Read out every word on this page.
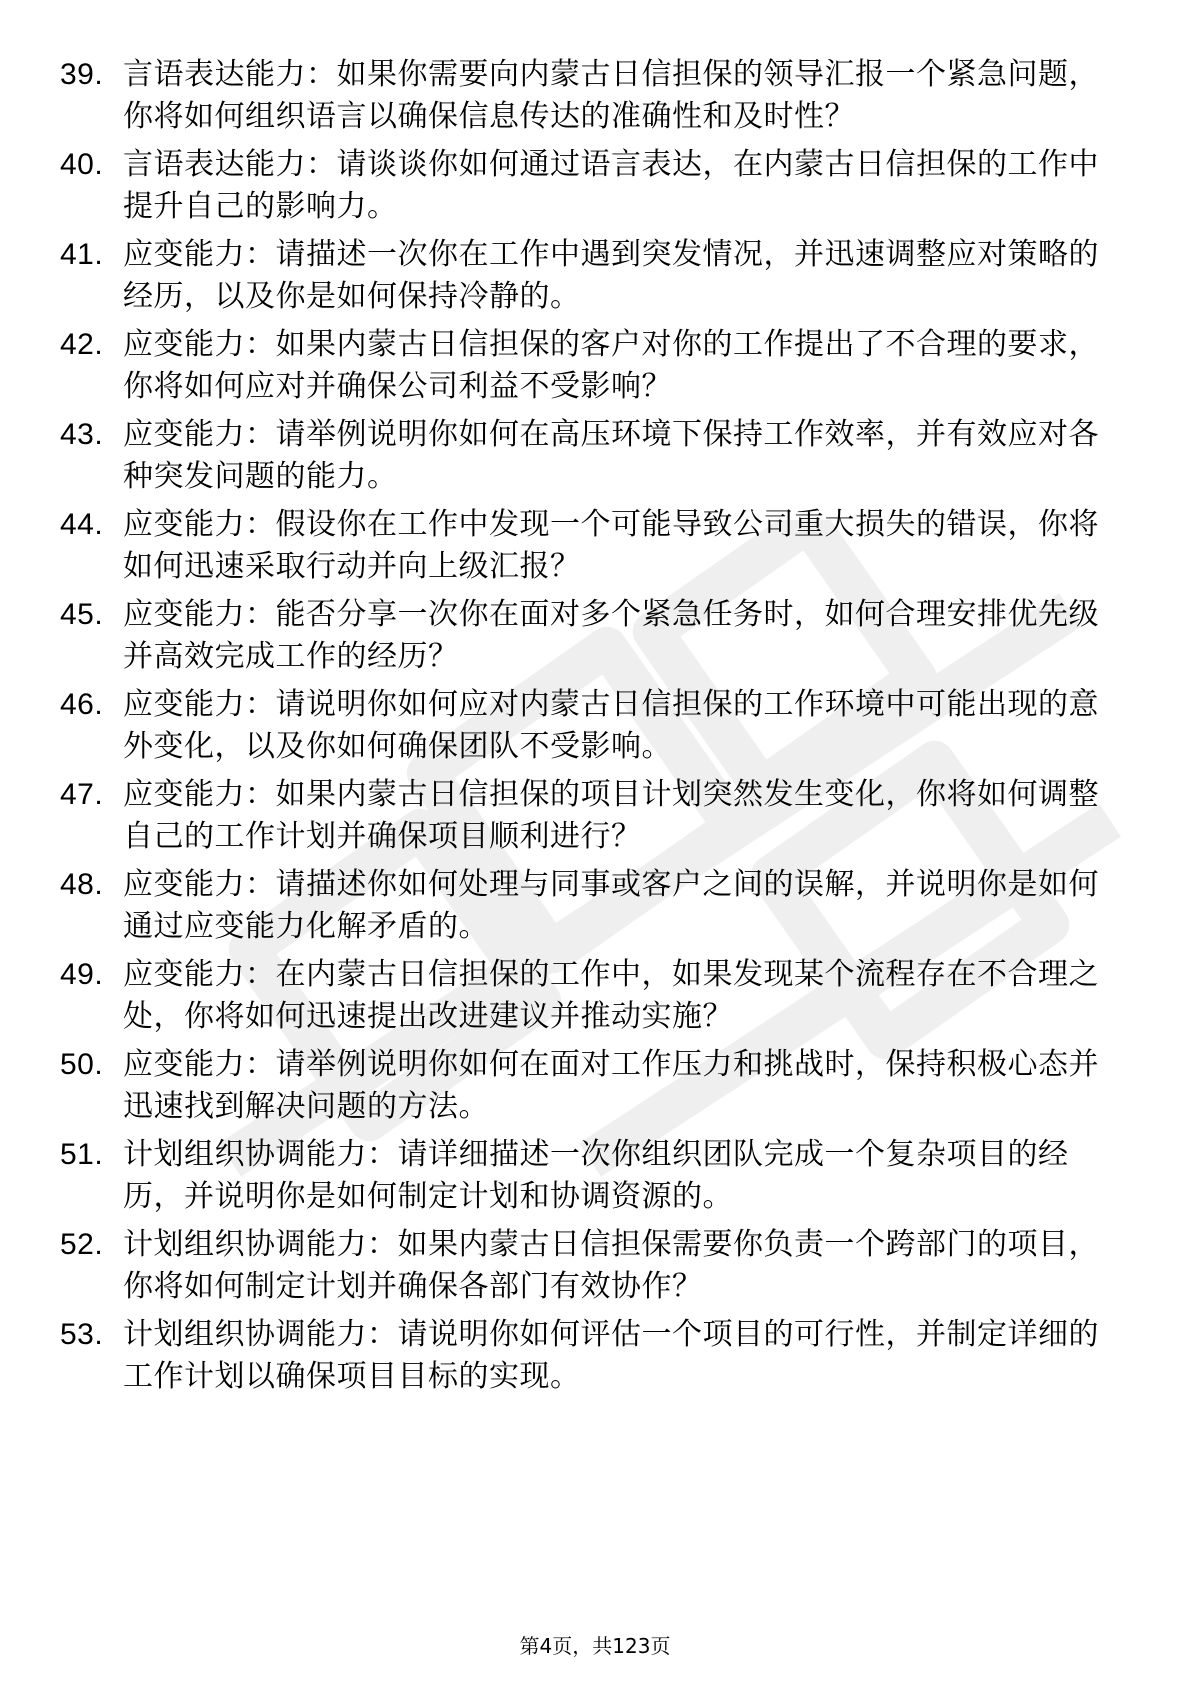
39. 言语表达能力：如果你需要向内蒙古日信担保的领导汇报一个紧急问题，你将如何组织语言以确保信息传达的准确性和及时性？
40. 言语表达能力：请谈谈你如何通过语言表达，在内蒙古日信担保的工作中提升自己的影响力。
41. 应变能力：请描述一次你在工作中遇到突发情况，并迅速调整应对策略的经历，以及你是如何保持冷静的。
42. 应变能力：如果内蒙古日信担保的客户对你的工作提出了不合理的要求，你将如何应对并确保公司利益不受影响？
43. 应变能力：请举例说明你如何在高压环境下保持工作效率，并有效应对各种突发问题的能力。
44. 应变能力：假设你在工作中发现一个可能导致公司重大损失的错误，你将如何迅速采取行动并向上级汇报？
45. 应变能力：能否分享一次你在面对多个紧急任务时，如何合理安排优先级并高效完成工作的经历？
46. 应变能力：请说明你如何应对内蒙古日信担保的工作环境中可能出现的意外变化，以及你如何确保团队不受影响。
47. 应变能力：如果内蒙古日信担保的项目计划突然发生变化，你将如何调整自己的工作计划并确保项目顺利进行？
48. 应变能力：请描述你如何处理与同事或客户之间的误解，并说明你是如何通过应变能力化解矛盾的。
49. 应变能力：在内蒙古日信担保的工作中，如果发现某个流程存在不合理之处，你将如何迅速提出改进建议并推动实施？
50. 应变能力：请举例说明你如何在面对工作压力和挑战时，保持积极心态并迅速找到解决问题的方法。
51. 计划组织协调能力：请详细描述一次你组织团队完成一个复杂项目的经历，并说明你是如何制定计划和协调资源的。
52. 计划组织协调能力：如果内蒙古日信担保需要你负责一个跨部门的项目，你将如何制定计划并确保各部门有效协作？
53. 计划组织协调能力：请说明你如何评估一个项目的可行性，并制定详细的工作计划以确保项目目标的实现。
第4页，共123页
